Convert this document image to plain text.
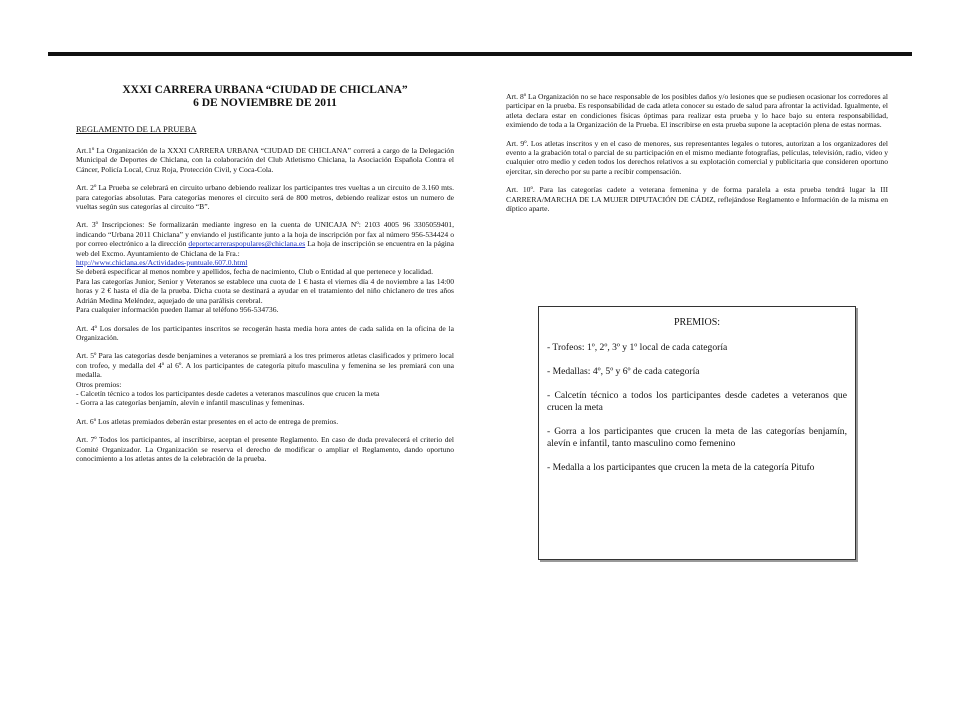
XXXI CARRERA URBANA “CIUDAD DE CHICLANA”

6 DE NOVIEMBRE DE 2011

REGLAMENTO DE LA PRUEBA

Art.1º La Organización de la XXXI CARRERA URBANA “CIUDAD DE CHICLANA” correrá a cargo de la Delegación Municipal de Deportes de Chiclana, con la colaboración del Club Atletismo Chiclana, la Asociación Española Contra el Cáncer, Policía Local, Cruz Roja, Protección Civil, y Coca-Cola.

Art. 2º La Prueba se celebrará en circuito urbano debiendo realizar los participantes tres vueltas a un circuito de 3.160 mts. para categorías absolutas. Para categorías menores el circuito será de 800 metros, debiendo realizar estos un numero de vueltas según sus categorías al circuito “B”.

Art. 3º Inscripciones: Se formalizarán mediante ingreso en la cuenta de UNICAJA Nº: 2103 4005 96 3305059401, indicando “Urbana 2011 Chiclana” y enviando el justificante junto a la hoja de inscripción por fax al número 956-534424 o por correo electrónico a la dirección deportecarreraspopulares@chiclana.es La hoja de inscripción se encuentra en la página web del Excmo. Ayuntamiento de Chiclana de la Fra.:
http://www.chiclana.es/Actividades-puntuale.607.0.html
Se deberá especificar al menos nombre y apellidos, fecha de nacimiento, Club o Entidad al que pertenece y localidad.
Para las categorías Junior, Senior y Veteranos se establece una cuota de 1 € hasta el viernes día 4 de noviembre a las 14:00 horas y 2 € hasta el día de la prueba. Dicha cuota se destinará a ayudar en el tratamiento del niño chiclanero de tres años Adrián Medina Meléndez, aquejado de una parálisis cerebral.
Para cualquier información pueden llamar al teléfono 956-534736.

Art. 4º Los dorsales de los participantes inscritos se recogerán hasta media hora antes de cada salida en la oficina de la Organización.

Art. 5º Para las categorías desde benjamines a veteranos se premiará a los tres primeros atletas clasificados y primero local con trofeo, y medalla del 4º al 6º. A los participantes de categoría pitufo masculina y femenina se les premiará con una medalla.
Otros premios:
- Calcetín técnico a todos los participantes desde cadetes a veteranos masculinos que crucen la meta
- Gorra a las categorías benjamín, alevín e infantil masculinas y femeninas.

Art. 6º Los atletas premiados deberán estar presentes en el acto de entrega de premios.

Art. 7º Todos los participantes, al inscribirse, aceptan el presente Reglamento. En caso de duda prevalecerá el criterio del Comité Organizador. La Organización se reserva el derecho de modificar o ampliar el Reglamento, dando oportuno conocimiento a los atletas antes de la celebración de la prueba.

Art. 8º La Organización no se hace responsable de los posibles daños y/o lesiones que se pudiesen ocasionar los corredores al participar en la prueba. Es responsabilidad de cada atleta conocer su estado de salud para afrontar la actividad. Igualmente, el atleta declara estar en condiciones físicas óptimas para realizar esta prueba y lo hace bajo su entera responsabilidad, eximiendo de toda a la Organización de la Prueba. El inscribirse en esta prueba supone la aceptación plena de estas normas.

Art. 9º. Los atletas inscritos y en el caso de menores, sus representantes legales o tutores, autorizan a los organizadores del evento a la grabación total o parcial de su participación en el mismo mediante fotografías, películas, televisión, radio, video y cualquier otro medio y ceden todos los derechos relativos a su explotación comercial y publicitaria que consideren oportuno ejercitar, sin derecho por su parte a recibir compensación.

Art. 10º. Para las categorías cadete a veterana femenina y de forma paralela a esta prueba tendrá lugar la III CARRERA/MARCHA DE LA MUJER DIPUTACIÓN DE CÁDIZ, reflejándose Reglamento e Información de la misma en díptico aparte.

PREMIOS:

- Trofeos: 1º, 2º, 3º y 1º local de cada categoría

- Medallas: 4º, 5º y 6º de cada categoría

- Calcetín técnico a todos los participantes desde cadetes a veteranos que crucen la meta

- Gorra a los participantes que crucen la meta de las categorías benjamín, alevín e infantil, tanto masculino como femenino

- Medalla a los participantes que crucen la meta de la categoría Pitufo
